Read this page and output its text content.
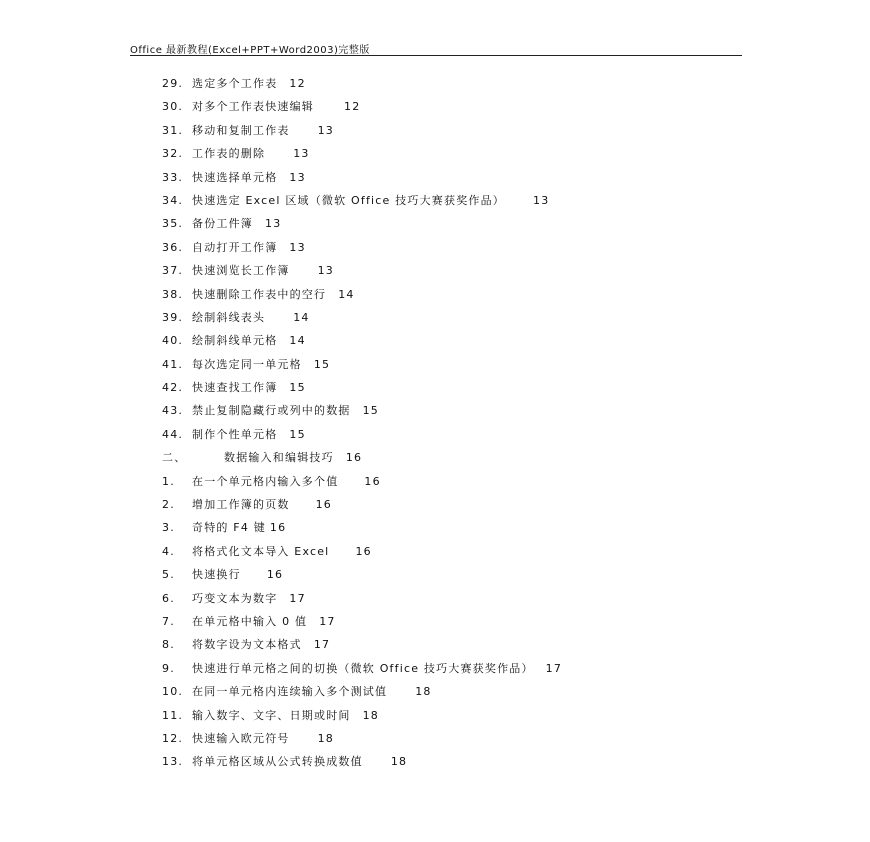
Office 最新教程(Excel+PPT+Word2003)完整版
29. 选定多个工作表 12
30. 对多个工作表快速编辑	12
31. 移动和复制工作表	13
32. 工作表的删除	13
33. 快速选择单元格 13
34. 快速选定 Excel 区域（微软 Office 技巧大赛获奖作品）	13
35. 备份工件簿 13
36. 自动打开工作簿 13
37. 快速浏览长工作簿	13
38. 快速删除工作表中的空行 14
39. 绘制斜线表头	14
40. 绘制斜线单元格 14
41. 每次选定同一单元格 15
42. 快速查找工作簿 15
43. 禁止复制隐藏行或列中的数据 15
44. 制作个性单元格 15
二、	数据输入和编辑技巧 16
1. 在一个单元格内输入多个值 16
2. 增加工作簿的页数 16
3. 奇特的 F4 键 16
4. 将格式化文本导入 Excel 16
5. 快速换行 16
6. 巧变文本为数字 17
7. 在单元格中输入 0 值 17
8. 将数字设为文本格式 17
9. 快速进行单元格之间的切换（微软 Office 技巧大赛获奖作品） 17
10. 在同一单元格内连续输入多个测试值	18
11. 输入数字、文字、日期或时间 18
12. 快速输入欧元符号	18
13. 将单元格区域从公式转换成数值	18
